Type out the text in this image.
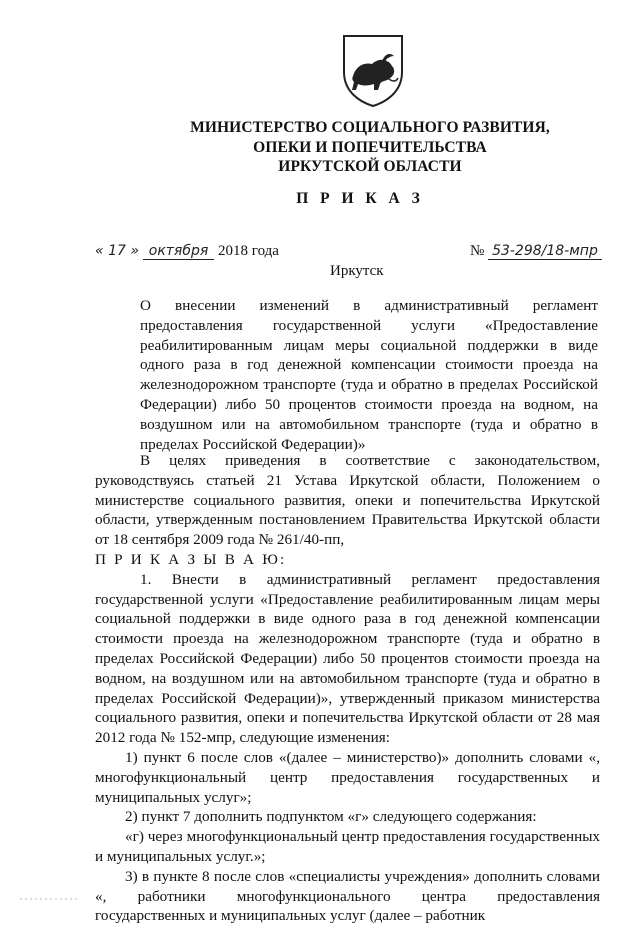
МИНИСТЕРСТВО СОЦИАЛЬНОГО РАЗВИТИЯ,
ОПЕКИ И ПОПЕЧИТЕЛЬСТВА
ИРКУТСКОЙ ОБЛАСТИ
П Р И К А З
« 17 » октября 2018 года	№ 53-298/18-мпр
Иркутск
О внесении изменений в административный регламент предоставления государственной услуги «Предоставление реабилитированным лицам меры социальной поддержки в виде одного раза в год денежной компенсации стоимости проезда на железнодорожном транспорте (туда и обратно в пределах Российской Федерации) либо 50 процентов стоимости проезда на водном, на воздушном или на автомобильном транспорте (туда и обратно в пределах Российской Федерации)»

В целях приведения в соответствие с законодательством, руководствуясь статьей 21 Устава Иркутской области, Положением о министерстве социального развития, опеки и попечительства Иркутской области, утвержденным постановлением Правительства Иркутской области от 18 сентября 2009 года № 261/40-пп,

П Р И К А З Ы В А Ю:

1. Внести в административный регламент предоставления государственной услуги «Предоставление реабилитированным лицам меры социальной поддержки в виде одного раза в год денежной компенсации стоимости проезда на железнодорожном транспорте (туда и обратно в пределах Российской Федерации) либо 50 процентов стоимости проезда на водном, на воздушном или на автомобильном транспорте (туда и обратно в пределах Российской Федерации)», утвержденный приказом министерства социального развития, опеки и попечительства Иркутской области от 28 мая 2012 года № 152-мпр, следующие изменения:

1) пункт 6 после слов «(далее – министерство)» дополнить словами «, многофункциональный центр предоставления государственных и муниципальных услуг»;

2) пункт 7 дополнить подпунктом «г» следующего содержания:

«г) через многофункциональный центр предоставления государственных и муниципальных услуг.»;

3) в пункте 8 после слов «специалисты учреждения» дополнить словами «, работники многофункционального центра предоставления государственных и муниципальных услуг (далее – работник
